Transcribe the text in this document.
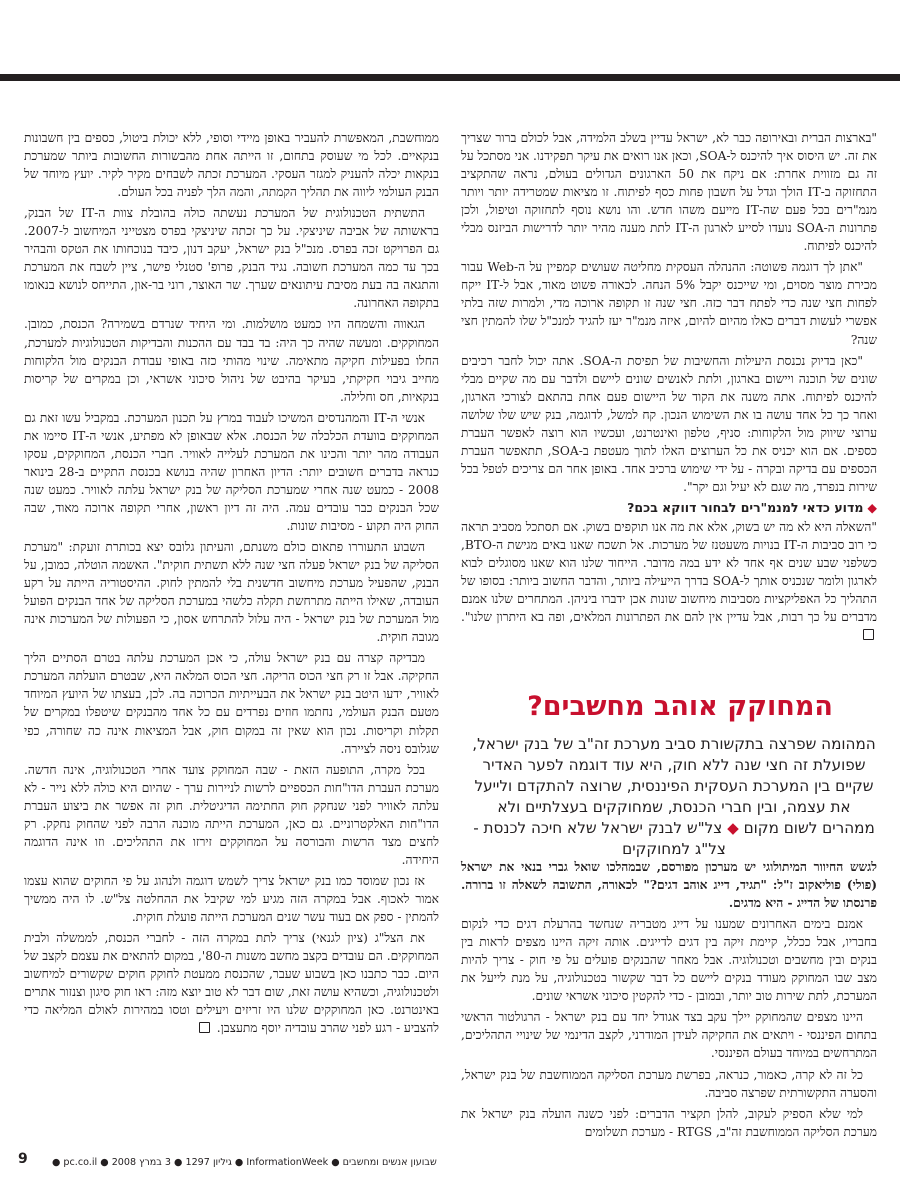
"בארצות הברית ובאירופה כבר לא, ישראל עדיין בשלב הלמידה, אבל לכולם ברור שצריך את זה. יש היסוס איך להיכנס ל-SOA, וכאן אנו רואים את עיקר תפקידנו. אני מסתכל על זה גם מזווית אחרת: אם ניקח את 50 הארגונים הגדולים בעולם, נראה שהתקציב התחזוקה ב-IT הולך וגדל על חשבון פחות כסף לפיתוח. זו מציאות שמטרידה יותר ויותר מנמ"רים בכל פעם שה-IT מייעם משהו חדש. והו נושא נוסף לתחזוקה וטיפול, ולכן פתרונות ה-SOA נועדו לסייע לארגון ה-IT לתת מענה מהיר יותר לדרישות הביזנס מבלי להיכנס לפיתוח.

"אתן לך דוגמה פשוטה: ההנהלה העסקית מחליטה שעושים קמפיין על ה-Web עבור מכירת מוצר מסוים, ומי שייכנס יקבל 5% הנחה. לכאורה פשוט מאוד, אבל ל-IT ייקח לפחות חצי שנה כדי לפתח דבר כזה. חצי שנה זו תקופה ארוכה מדי, ולמרות שזה בלתי אפשרי לעשות דברים כאלו מהיום להיום, איזה מנמ"ר יעז להגיד למנכ"ל שלו להמתין חצי שנה?

"כאן בדיוק נכנסת היעילות והחשיבות של תפיסת ה-SOA. אתה יכול לחבר רכיבים שונים של תוכנה ויישום בארגון, ולתת לאנשים שונים ליישם ולדבר עם מה שקיים מבלי להיכנס לפיתוח. אתה משנה את הקוד של היישום פעם אחת בהתאם לצורכי הארגון, ואחר כך כל אחד עושה בו את השימוש הנכון. קח למשל, לדוגמה, בנק שיש שלו שלושה ערוצי שיווק מול הלקוחות: סניף, טלפון ואינטרנט, ועכשיו הוא רוצה לאפשר העברת כספים. אם הוא יכניס את כל הערוצים האלו לתוך מעטפת ב-SOA, תתאפשר העברת הכספים עם בדיקה ובקרה - על ידי שימוש ברכיב אחד. באופן אחר הם צריכים לטפל בכל שירות בנפרד, מה שגם לא יעיל וגם יקר".

◆מדוע כדאי למנמ"רים לבחור דווקא בכם?

"השאלה היא לא מה יש בשוק, אלא את מה אנו תוקפים בשוק. אם תסתכל מסביב תראה כי רוב סביבות ה-IT בנויות משעטנז של מערכות. אל תשכח שאנו באים מגישת ה-BTO, כשלפני שבע שנים אף אחד לא ידע במה מדובר. הייחוד שלנו הוא שאנו מסוגלים לבוא לארגון ולומר שנכניס אותך ל-SOA בדרך הייעילה ביותר, והדבר החשוב ביותר: בסופו של התהליך כל האפליקציות מסביבות מיחשוב שונות אכן ידברו ביניהן. המתחרים שלנו אמנם מדברים על כך רבות, אבל עדיין אין להם את הפתרונות המלאים, ופה בא היתרון שלנו".

המחוקק אוהב מחשבים?
המהומה שפרצה בתקשורת סביב מערכת זה"ב של בנק ישראל, שפועלת זה חצי שנה ללא חוק, היא עוד דוגמה לפער האדיר שקיים בין המערכת העסקית הפיננסית, שרוצה להתקדם ולייעל את עצמה, ובין חברי הכנסת, שמחוקקים בעצלתיים ולא ממהרים לשום מקום ◆ צל"ש לבנק ישראל שלא חיכה לכנסת - צל"ג למחוקקים

לגשש החיוור המיתולוגי יש מערכון מפורסם, שבמהלכו שואל גברי בנאי את ישראל (פולי) פוליאקוב ז"ל: "תגיד, דייג אוהב דגים?" לכאורה, התשובה לשאלה זו ברורה. פרנסתו של הדייג - היא מדגים.

אמנם בימים האחרונים שמענו על דייג מטבריה שנחשד בהרעלת דגים כדי לנקום בחבריו, אבל ככלל, קיימת זיקה בין דגים לדייגים. אותה זיקה היינו מצפים לראות בין בנקים ובין מחשבים וטכנולוגיה. אבל מאחר שהבנקים פועלים על פי חוק - צריך להיות מצב שבו המחוקק מעודד בנקים ליישם כל דבר שקשור בטכנולוגיה, על מנת לייעל את המערכת, לתת שירות טוב יותר, ובמובן - כדי להקטין סיכוני אשראי שונים.

היינו מצפים שהמחוקק יילך עקב בצד אגודל יחד עם בנק ישראל - הרגולטור הראשי בתחום הפיננסי - ויתאים את החקיקה לעידן המודרני, לקצב הדינמי של שינויי התהליכים, המתרחשים במיוחד בעולם הפיננסי.

כל זה לא קרה, כאמור, כנראה, בפרשת מערכת הסליקה הממוחשבת של בנק ישראל, והסערה התקשורתית שפרצה סביבה.

למי שלא הספיק לעקוב, להלן תקציר הדברים: לפני כשנה הועלה בנק ישראל את מערכת הסליקה הממוחשבת זה"ב, RTGS - מערכת תשלומים

ממוחשבת, המאפשרת להעביר באופן מיידי וסופי, ללא יכולת ביטול, כספים בין חשבונות בנקאיים. לכל מי שעוסק בתחום, זו הייתה אחת מהבשורות החשובות ביותר שמערכת בנקאות יכלה להעניק למגזר העסקי. המערכת זכתה לשבחים מקיר לקיר. יועץ מיוחד של הבנק העולמי ליווה את תהליך הקמתה, והמה הלך לפניה בכל העולם.

התשתית הטכנולוגית של המערכת נעשתה כולה בהובלת צוות ה-IT של הבנק, בראשותה של אביבה שיניצקי. על כך זכתה שיניצקי בפרס מצטייני המיחשוב ל-2007. גם הפרויקט זכה בפרס. מנכ"ל בנק ישראל, יעקב דנון, כיבד בנוכחותו את הטקס והבהיר בכך עד כמה המערכת חשובה. נגיד הבנק, פרופ' סטנלי פישר, ציין לשבח את המערכת והתגאה בה בעת מסיבת עיתונאים שערך. שר האוצר, רוני בר-און, התייחס לנושא בנאומו בתקופה האחרונה.

הגאווה והשמחה היו כמעט מושלמות. ומי היחיד שנרדם בשמירה? הכנסת, כמובן. המחוקקים. ומעשה שהיה כך היה: בד בבד עם ההכנות והבדיקות הטכנולוגיות למערכת, החלו בפעילות חקיקה מתאימה. שינוי מהותי כזה באופי עבודת הבנקים מול הלקוחות מחייב גיבוי חקיקתי, בעיקר בהיבט של ניהול סיכוני אשראי, וכן במקרים של קריסות בנקאיות, חס וחלילה.

אנשי ה-IT והמהנדסים המשיכו לעבוד במרץ על תכנון המערכת. במקביל עשו זאת גם המחוקקים בוועדת הכלכלה של הכנסת. אלא שבאופן לא מפתיע, אנשי ה-IT סיימו את העבודה מהר יותר והכינו את המערכת לעלייה לאוויר. חברי הכנסת, המחוקקים, עסקו כנראה בדברים חשובים יותר: הדיון האחרון שהיה בנושא בכנסת התקיים ב-28 בינואר 2008 - כמעט שנה אחרי שמערכת הסליקה של בנק ישראל עלתה לאוויר. כמעט שנה שכל הבנקים כבר עובדים עמה. היה זה דיון ראשון, אחרי תקופה ארוכה מאוד, שבה החוק היה תקוע - מסיבות שונות.

השבוע התעוררו פתאום כולם משנתם, והעיתון גלובס יצא בכותרת זועקת: "מערכת הסליקה של בנק ישראל פעלה חצי שנה ללא תשתית חוקית". האשמה הוטלה, כמובן, על הבנק, שהפעיל מערכת מיחשוב חדשנית בלי להמתין לחוק. ההיסטוריה הייתה על רקע העובדה, שאילו הייתה מתרחשת תקלה כלשהי במערכת הסליקה של אחד הבנקים הפועל מול המערכת של בנק ישראל - היה עלול להתרחש אסון, כי הפעולות של המערכות אינה מגובה חוקית.

מבדיקה קצרה עם בנק ישראל עולה, כי אכן המערכת עלתה בטרם הסתיים הליך החקיקה. אבל זו רק חצי הכוס הריקה. חצי הכוס המלאה היא, שבטרם הועלתה המערכת לאוויר, ידעו היטב בנק ישראל את הבעייתיות הכרוכה בה. לכן, בעצתו של היועץ המיוחד מטעם הבנק העולמי, נחתמו חוזים נפרדים עם כל אחד מהבנקים שיטפלו במקרים של תקלות וקריסות. נכון הוא שאין זה במקום חוק, אבל המציאות אינה כה שחורה, כפי שגלובס ניסה לציירה.

בכל מקרה, התופעה הזאת - שבה המחוקק צועד אחרי הטכנולוגיה, אינה חדשה. מערכת העברת הדו"חות הכספיים לרשות לניירות ערך - שהיום היא כולה ללא נייר - לא עלתה לאוויר לפני שנחקק חוק החתימה הדיגיטלית. חוק זה אפשר את ביצוע העברת הדו"חות האלקטרוניים. גם כאן, המערכת הייתה מוכנה הרבה לפני שהחוק נחקק. רק לחצים מצד הרשות והבורסה על המחוקקים זירזו את התהליכים. וזו אינה הדוגמה היחידה.

אז נכון שמוסד כמו בנק ישראל צריך לשמש דוגמה ולנהוג על פי החוקים שהוא עצמו אמור לאכוף. אבל במקרה הזה מגיע למי שקיבל את ההחלטה צל"ש. לו היה ממשיך להמתין - ספק אם בעוד עשר שנים המערכת הייתה פועלת חוקית.

את הצל"ג (ציון לגנאי) צריך לתת במקרה הזה - לחברי הכנסת, לממשלה ולבית המחוקקים. הם עובדים בקצב מחשב משנות ה-80', במקום להתאים את עצמם לקצב של היום. כבר כתבנו כאן בשבוע שעבר, שהכנסת ממעטת לחוקק חוקים שקשורים למיחשוב ולטכנולוגיה, וכשהיא עושה זאת, שום דבר לא טוב יוצא מזה: ראו חוק סיגון וצנזור אתרים באינטרנט. כאן המחוקקים שלנו היו זריזים ויעילים וטסו במהירות לאולם המליאה כדי להצביע - רגע לפני שהרב עובדיה יוסף מתעצבן.

9	שבועון אנשים ומחשבים ● InformationWeek ● גיליון 1297 ● 3 במרץ 2008 ● pc.co.il ●
